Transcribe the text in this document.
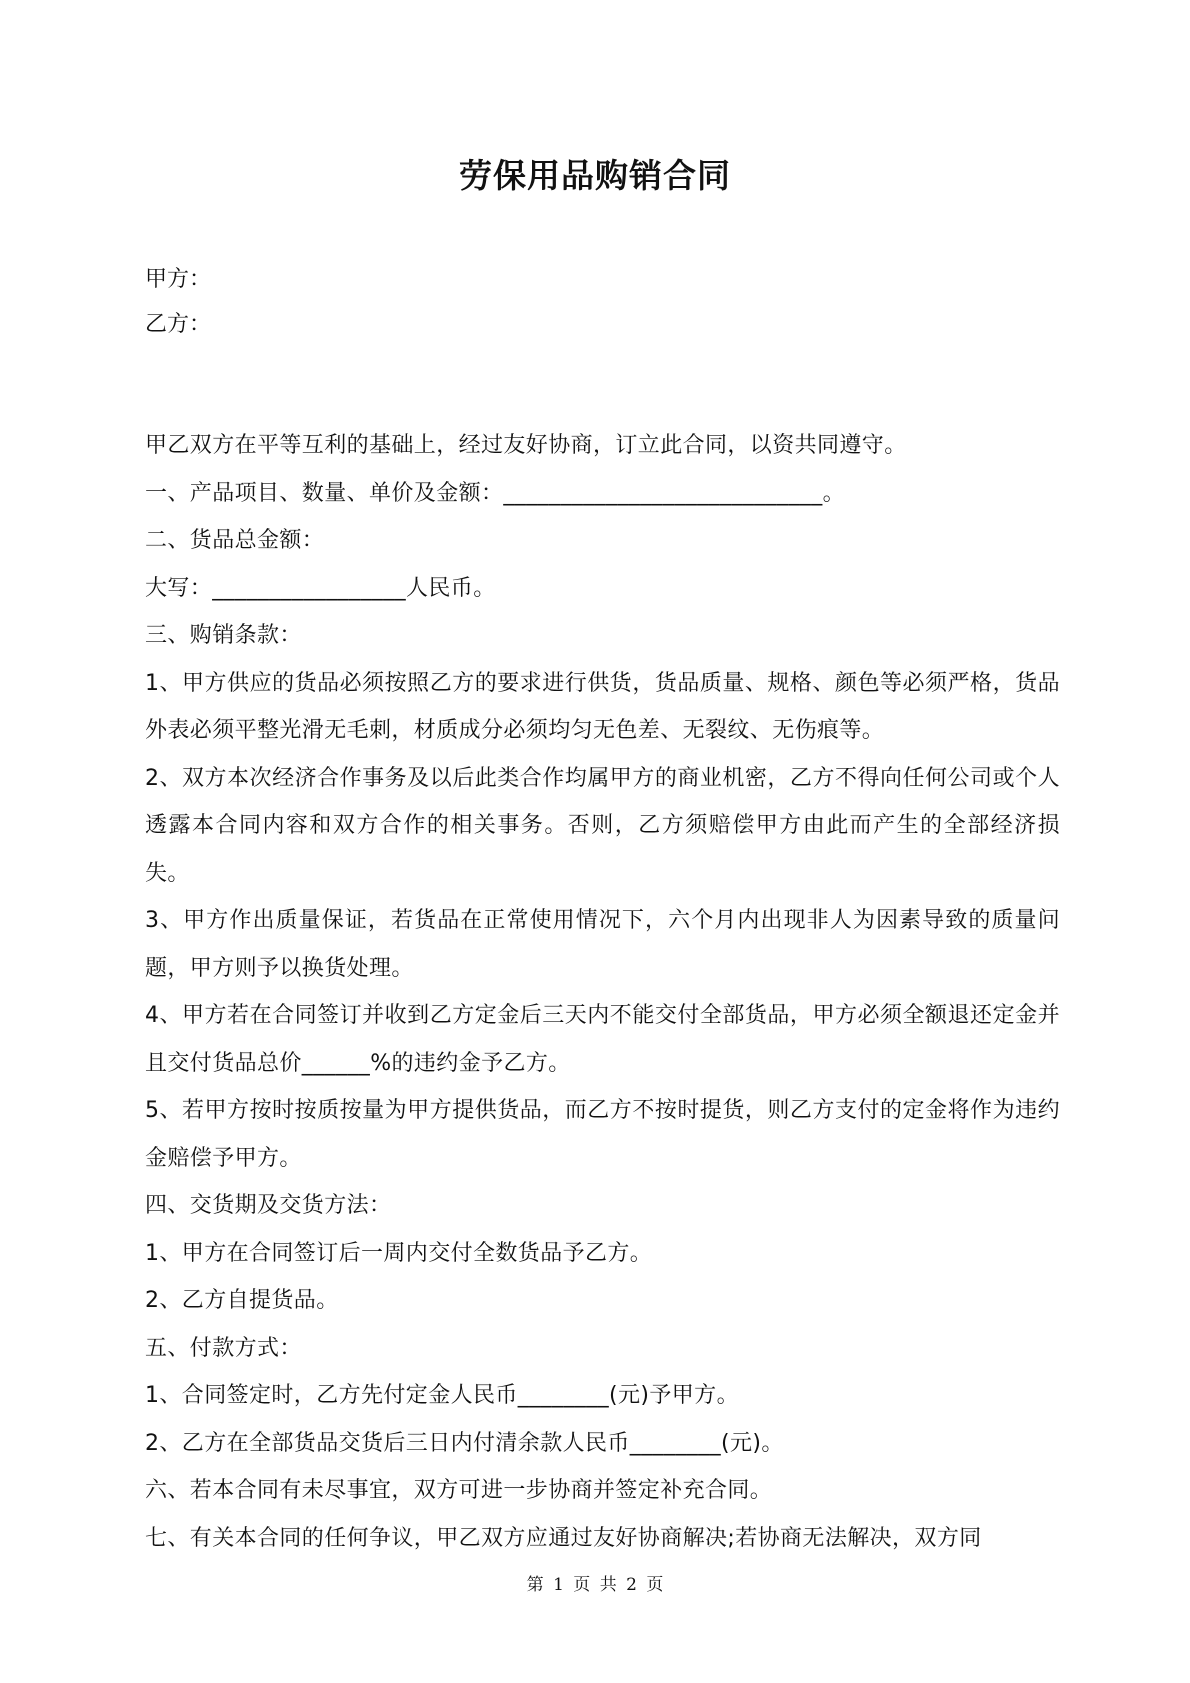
劳保用品购销合同
甲方：
乙方：

甲乙双方在平等互利的基础上，经过友好协商，订立此合同，以资共同遵守。

一、产品项目、数量、单价及金额：____________________________。

二、货品总金额：

大写：_________________人民币。

三、购销条款：

1、甲方供应的货品必须按照乙方的要求进行供货，货品质量、规格、颜色等必须严格，货品外表必须平整光滑无毛刺，材质成分必须均匀无色差、无裂纹、无伤痕等。

2、双方本次经济合作事务及以后此类合作均属甲方的商业机密，乙方不得向任何公司或个人透露本合同内容和双方合作的相关事务。否则，乙方须赔偿甲方由此而产生的全部经济损失。

3、甲方作出质量保证，若货品在正常使用情况下，六个月内出现非人为因素导致的质量问题，甲方则予以换货处理。

4、甲方若在合同签订并收到乙方定金后三天内不能交付全部货品，甲方必须全额退还定金并且交付货品总价______%的违约金予乙方。

5、若甲方按时按质按量为甲方提供货品，而乙方不按时提货，则乙方支付的定金将作为违约金赔偿予甲方。

四、交货期及交货方法：

1、甲方在合同签订后一周内交付全数货品予乙方。

2、乙方自提货品。

五、付款方式：

1、合同签定时，乙方先付定金人民币________(元)予甲方。

2、乙方在全部货品交货后三日内付清余款人民币________(元)。

六、若本合同有未尽事宜，双方可进一步协商并签定补充合同。

七、有关本合同的任何争议，甲乙双方应通过友好协商解决;若协商无法解决，双方同

第 1 页 共 2 页
